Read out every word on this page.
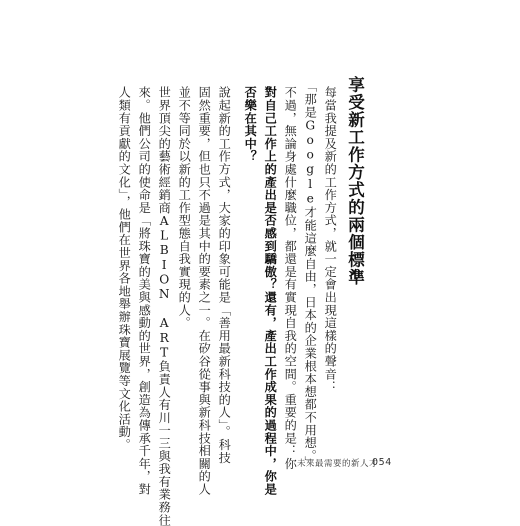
享受新工作方式的兩個標準
每當我提及新的工作方式，就一定會出現這樣的聲音：
「那是Google才能這麼自由，日本的企業根本想都不用想。」
不過，無論身處什麼職位，都還是有實現自我的空間。重要的是：你
對自己工作上的產出是否感到驕傲？還有，產出工作成果的過程中，你是
否樂在其中？
說起新的工作方式，大家的印象可能是「善用最新科技的人」。科技
固然重要，但也只不過是其中的要素之一。在矽谷從事與新科技相關的人
並不等同於以新的工作型態自我實現的人。
世界頂尖的藝術經銷商ALBION ART負責人有川一三與我有業務往
來。他們公司的使命是「將珠寶的美與感動的世界，創造為傳承千年，對
人類有貢獻的文化」，他們在世界各地舉辦珠寶展覽等文化活動。
未來最需要的新人才
054
